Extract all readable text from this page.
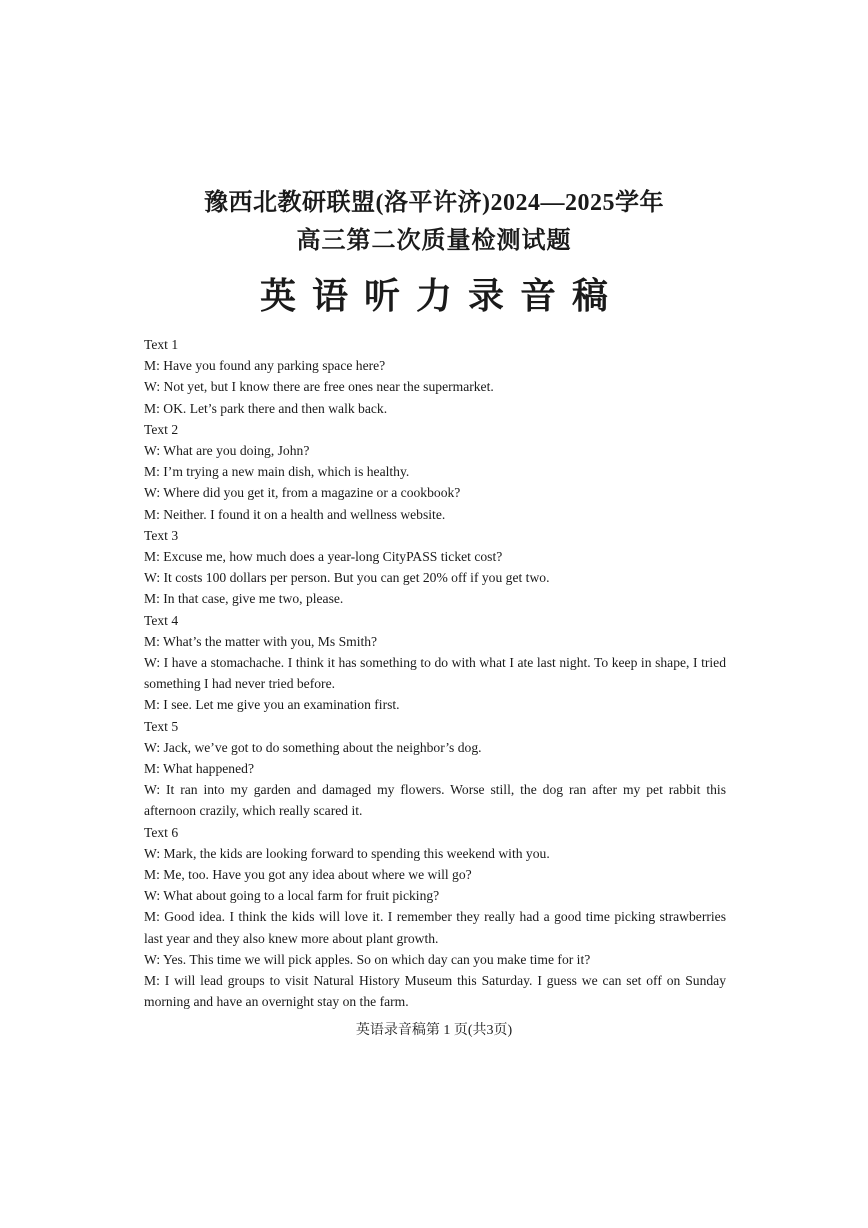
豫西北教研联盟(洛平许济)2024—2025学年
高三第二次质量检测试题
英语听力录音稿

Text 1

M: Have you found any parking space here?

W: Not yet, but I know there are free ones near the supermarket.

M: OK. Let’s park there and then walk back.

Text 2

W: What are you doing, John?

M: I’m trying a new main dish, which is healthy.

W: Where did you get it, from a magazine or a cookbook?

M: Neither. I found it on a health and wellness website.

Text 3

M: Excuse me, how much does a year-long CityPASS ticket cost?

W: It costs 100 dollars per person. But you can get 20% off if you get two.

M: In that case, give me two, please.

Text 4

M: What’s the matter with you, Ms Smith?

W: I have a stomachache. I think it has something to do with what I ate last night. To keep in shape, I tried something I had never tried before.

M: I see. Let me give you an examination first.

Text 5

W: Jack, we’ve got to do something about the neighbor’s dog.

M: What happened?

W: It ran into my garden and damaged my flowers. Worse still, the dog ran after my pet rabbit this afternoon crazily, which really scared it.

Text 6

W: Mark, the kids are looking forward to spending this weekend with you.

M: Me, too. Have you got any idea about where we will go?

W: What about going to a local farm for fruit picking?

M: Good idea. I think the kids will love it. I remember they really had a good time picking strawberries last year and they also knew more about plant growth.

W: Yes. This time we will pick apples. So on which day can you make time for it?

M: I will lead groups to visit Natural History Museum this Saturday. I guess we can set off on Sunday morning and have an overnight stay on the farm.

英语录音稿第 1 页(共3页)
